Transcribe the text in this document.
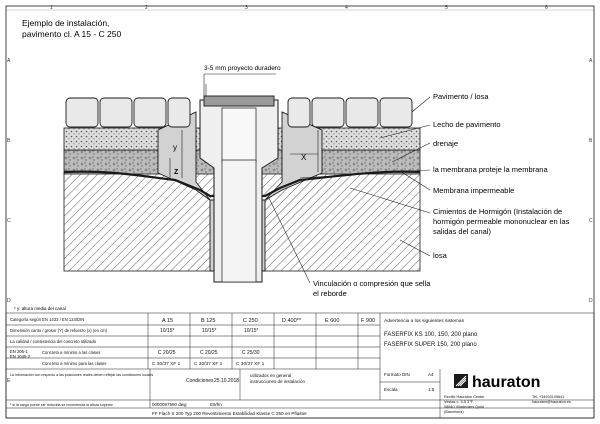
1	2	3	4	5	6
A
B
C
D
E
A
B
C
D
Ejemplo de instalación,
pavimento cl. A 15 - C 250
3-5 mm proyecto duradero
y
Z
X
Pavimento / losa
Lecho de pavimento
drenaje
la membrana proteje la membrana
Membrana impermeable
Cimientos de Hormigón (Instalación de
hormigón permeable mononuclear en las
salidas del canal)
losa
Vinculación o compresión que sella
el reborde
* y: altura media del canal
Categoría según EN 1433 / EN 124/DIN	A 15	B 125	C 250	D 400**	E 600	F 900
Dimensión canto / grosor (Y) de refuerzo (x) (en cm)	10/15*	10/15*	10/15*
La calidad / consistencia del concreto utilizado
EN 206-1
EN 1045-2
Concreto a mínimo a las clases	C 20/25	C 20/25	C 25/30
Concreto a mínimo para las clases	C 30/37 XF 1	C 30/37 XF 1	C 30/37 XF 1
La información con respecto a las posiciones reales deben reflejar las condiciones locales
* si la carga puede ser reducida se recomienda la altura superior
Advertencia a los siguientes sistemas
FASERFIX KS 100, 150, 200 plano
FASERFIX SUPER 150, 200 plano
Condiciones 25.10.2018
utilizados en general
instrucciones de instalación
Formato DIN	A4
Escala	1:5
0000097590 dwg	E9/hn
FF Flach S 200 Typ 200 Revestimiento Estabilidad Klasse C 250 en Pflaster
Revifix Hauraton Center
Vestas c. 3-5 3°F
08840 Viladecans Quiló
(Barcelona)
Tel. +34933105641
hauraton@hauraton.es
hauraton
